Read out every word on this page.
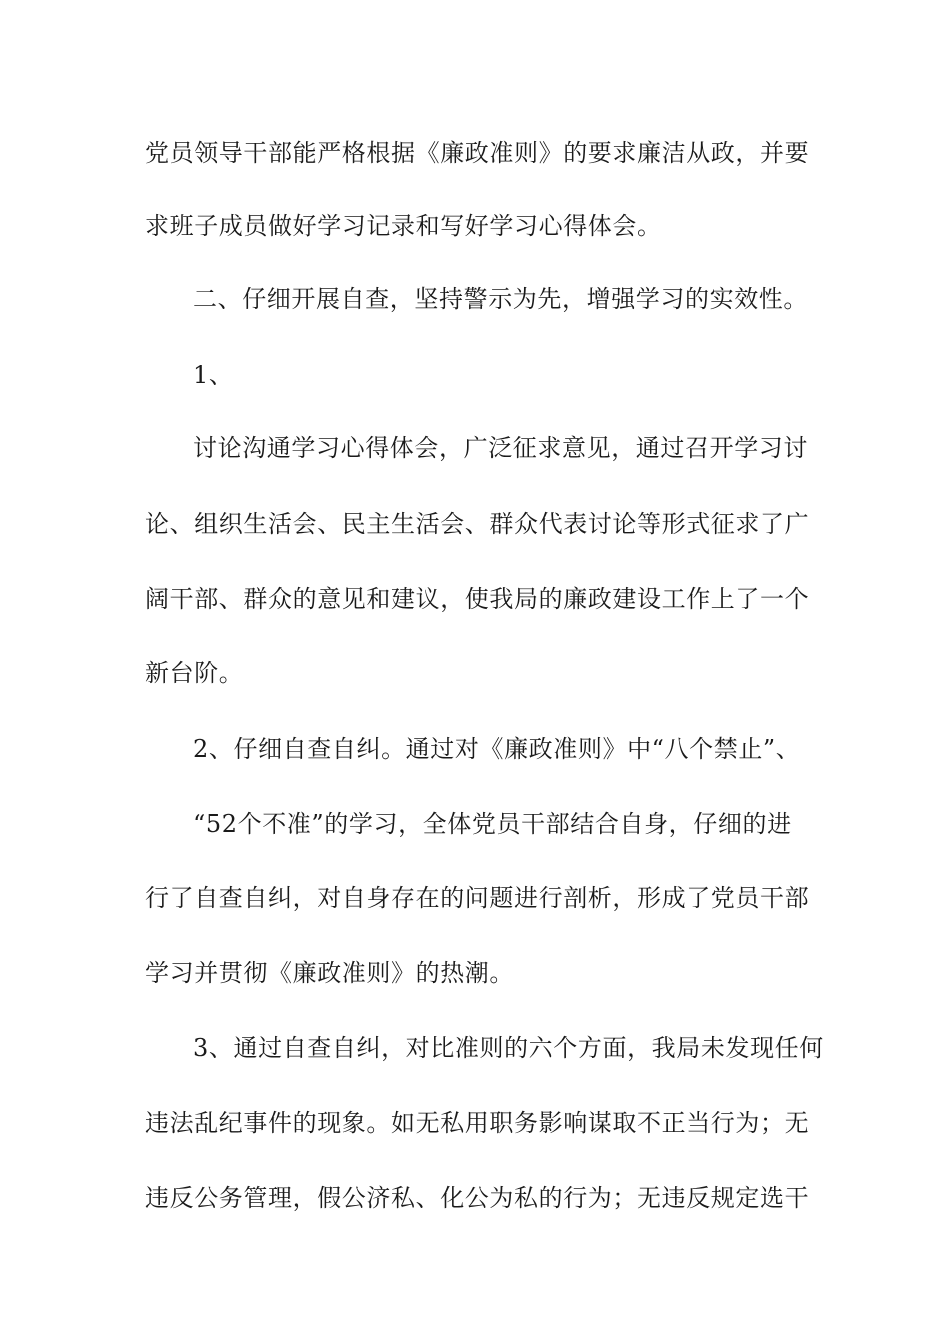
党员领导干部能严格根据《廉政准则》的要求廉洁从政，并要
求班子成员做好学习记录和写好学习心得体会。
二、仔细开展自查，坚持警示为先，增强学习的实效性。
1、
讨论沟通学习心得体会，广泛征求意见，通过召开学习讨
论、组织生活会、民主生活会、群众代表讨论等形式征求了广
阔干部、群众的意见和建议，使我局的廉政建设工作上了一个
新台阶。
2、仔细自查自纠。通过对《廉政准则》中“八个禁止”、
“52个不准”的学习，全体党员干部结合自身，仔细的进
行了自查自纠，对自身存在的问题进行剖析，形成了党员干部
学习并贯彻《廉政准则》的热潮。
3、通过自查自纠，对比准则的六个方面，我局未发现任何
违法乱纪事件的现象。如无私用职务影响谋取不正当行为；无
违反公务管理，假公济私、化公为私的行为；无违反规定选干
